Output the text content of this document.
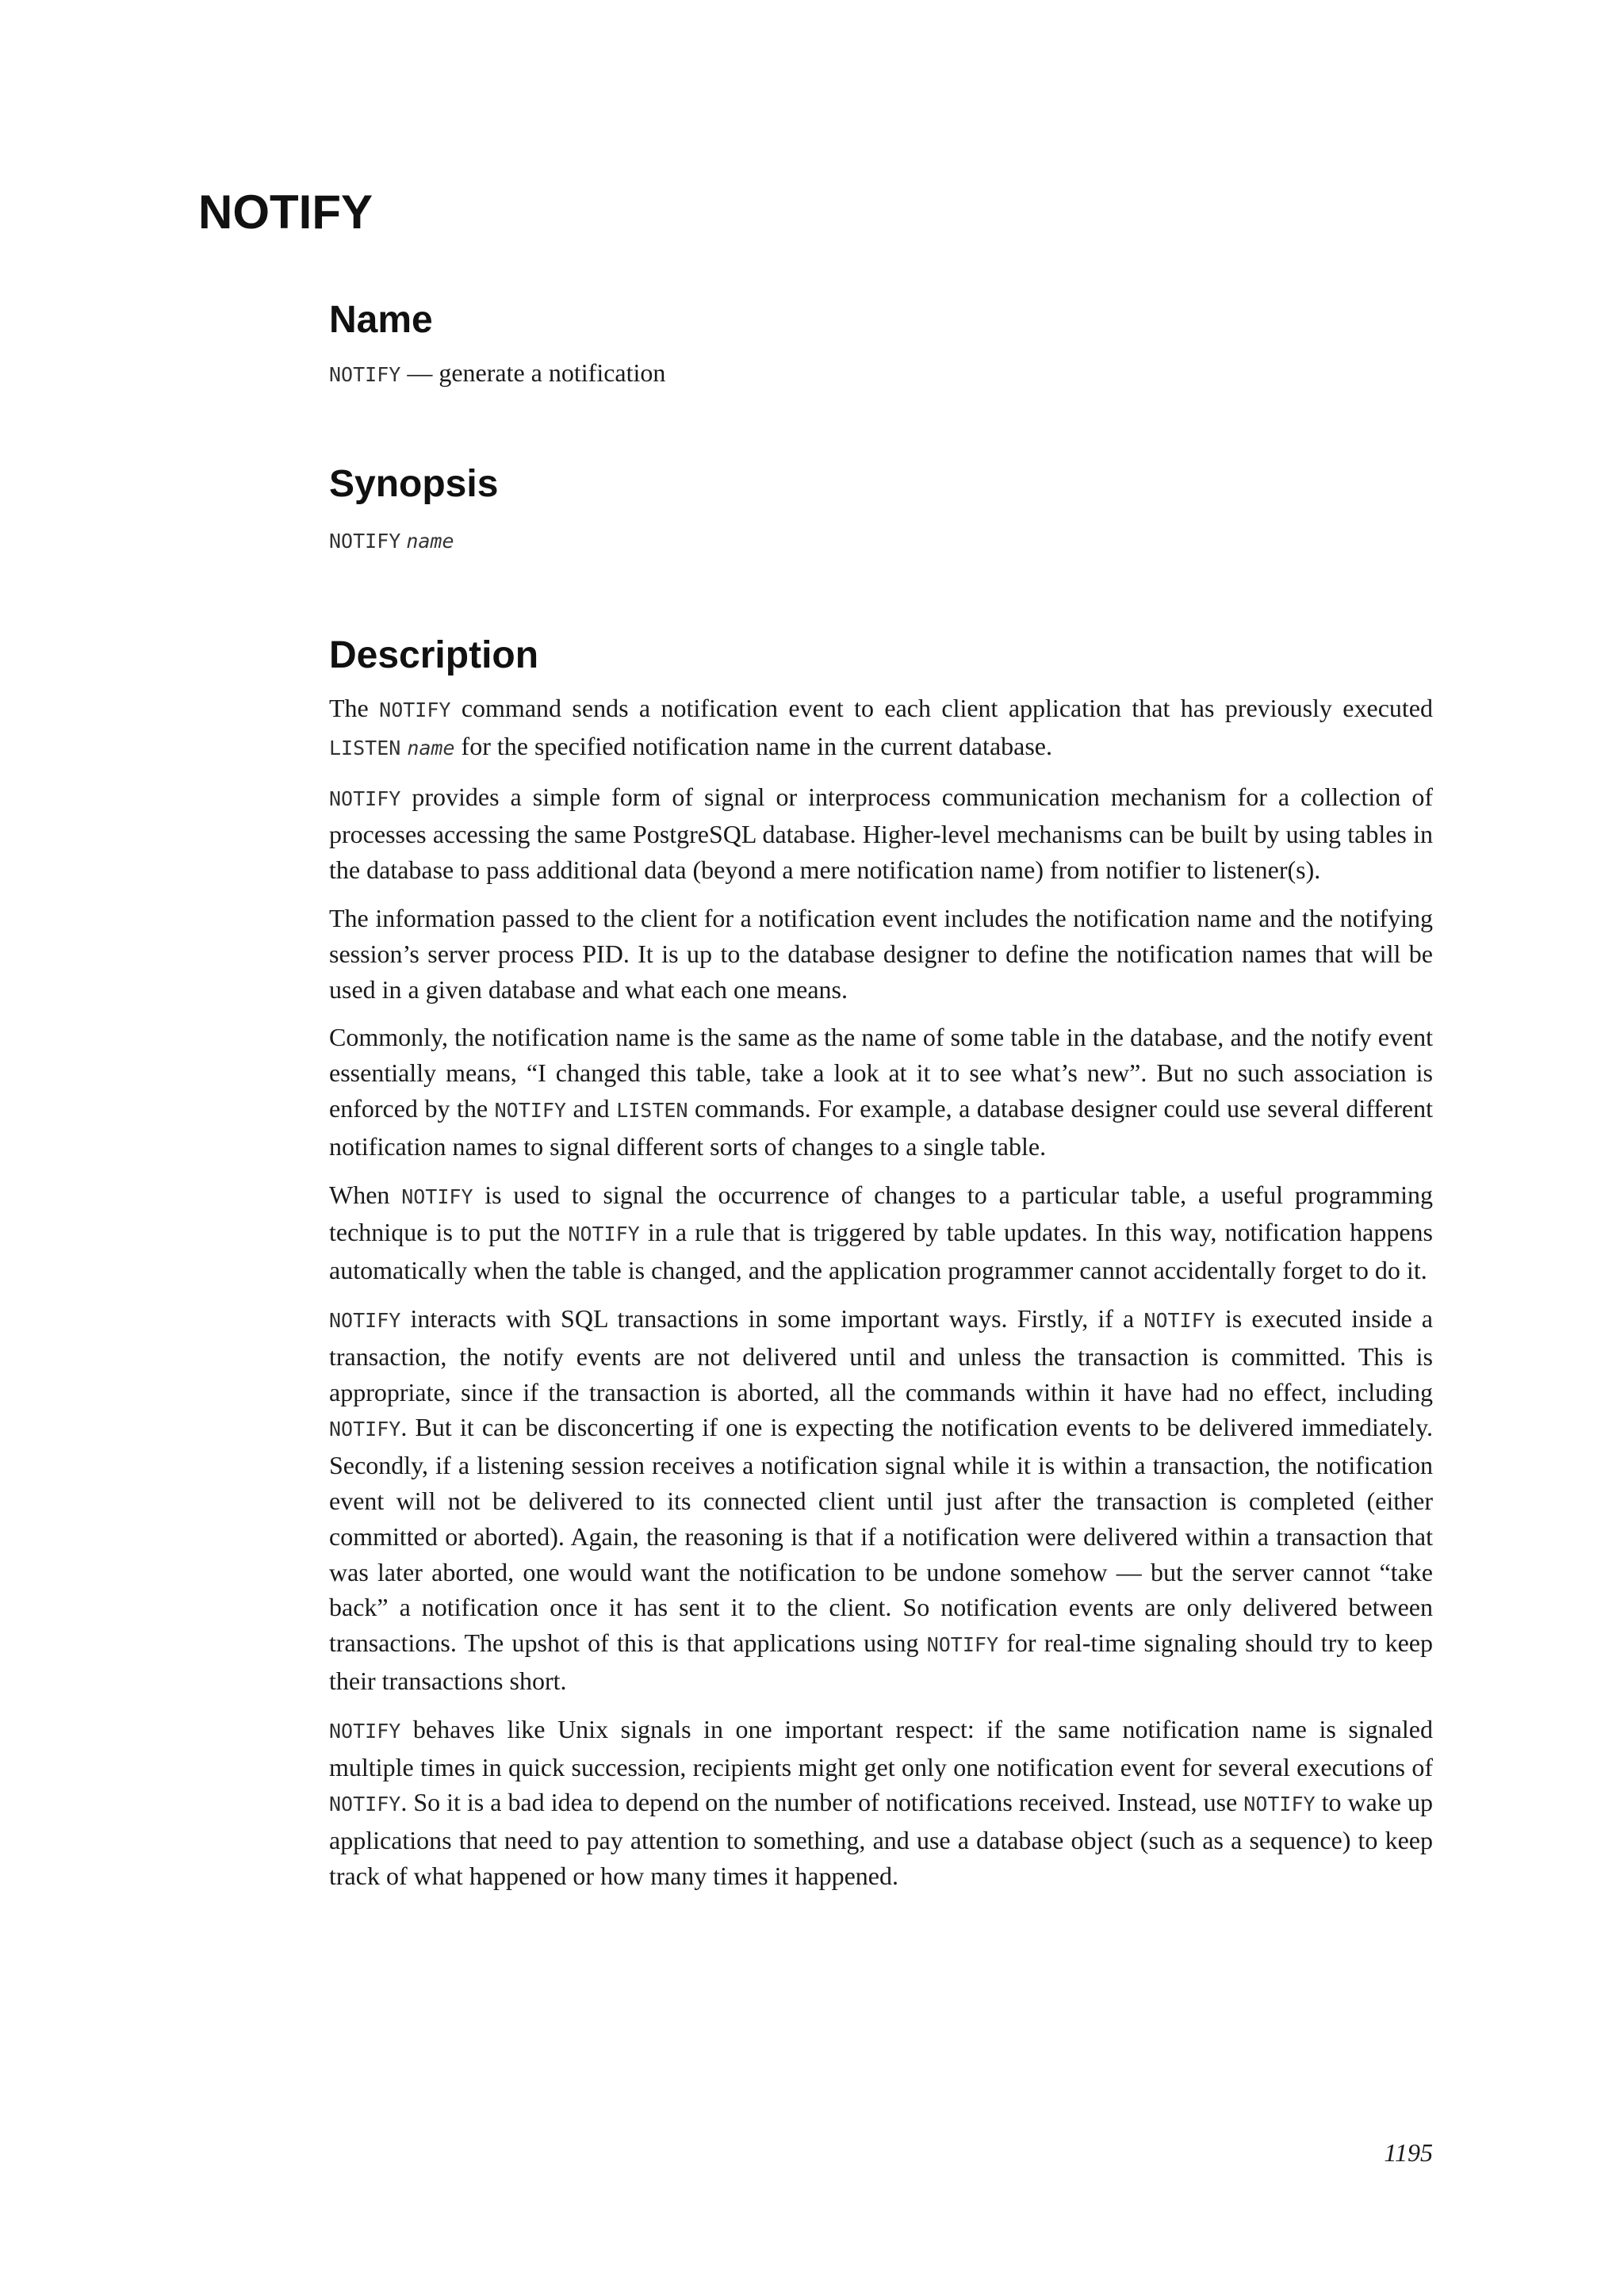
NOTIFY
Name

NOTIFY — generate a notification

Synopsis

NOTIFY name

Description

The NOTIFY command sends a notification event to each client application that has previously executed LISTEN name for the specified notification name in the current database.

NOTIFY provides a simple form of signal or interprocess communication mechanism for a collection of processes accessing the same PostgreSQL database. Higher-level mechanisms can be built by using tables in the database to pass additional data (beyond a mere notification name) from notifier to listener(s).

The information passed to the client for a notification event includes the notification name and the notifying session’s server process PID. It is up to the database designer to define the notification names that will be used in a given database and what each one means.

Commonly, the notification name is the same as the name of some table in the database, and the notify event essentially means, “I changed this table, take a look at it to see what’s new”. But no such association is enforced by the NOTIFY and LISTEN commands. For example, a database designer could use several different notification names to signal different sorts of changes to a single table.

When NOTIFY is used to signal the occurrence of changes to a particular table, a useful programming technique is to put the NOTIFY in a rule that is triggered by table updates. In this way, notification happens automatically when the table is changed, and the application programmer cannot accidentally forget to do it.

NOTIFY interacts with SQL transactions in some important ways. Firstly, if a NOTIFY is executed inside a transaction, the notify events are not delivered until and unless the transaction is committed. This is appropriate, since if the transaction is aborted, all the commands within it have had no effect, including NOTIFY. But it can be disconcerting if one is expecting the notification events to be delivered immediately. Secondly, if a listening session receives a notification signal while it is within a transaction, the notification event will not be delivered to its connected client until just after the transaction is completed (either committed or aborted). Again, the reasoning is that if a notification were delivered within a transaction that was later aborted, one would want the notification to be undone somehow — but the server cannot “take back” a notification once it has sent it to the client. So notification events are only delivered between transactions. The upshot of this is that applications using NOTIFY for real-time signaling should try to keep their transactions short.

NOTIFY behaves like Unix signals in one important respect: if the same notification name is signaled multiple times in quick succession, recipients might get only one notification event for several executions of NOTIFY. So it is a bad idea to depend on the number of notifications received. Instead, use NOTIFY to wake up applications that need to pay attention to something, and use a database object (such as a sequence) to keep track of what happened or how many times it happened.

1195
